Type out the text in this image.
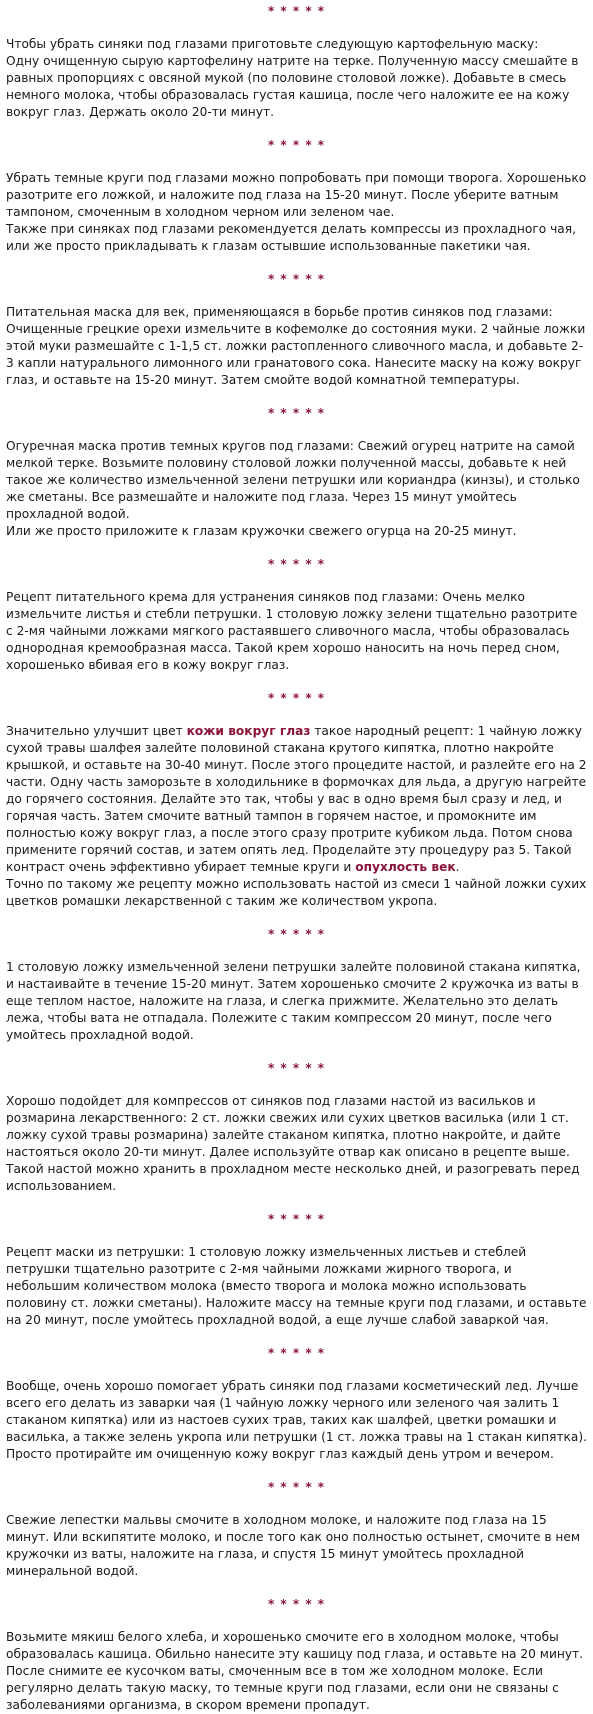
* * * * *
Чтобы убрать синяки под глазами приготовьте следующую картофельную маску:
Одну очищенную сырую картофелину натрите на терке. Полученную массу смешайте в равных пропорциях с овсяной мукой (по половине столовой ложке). Добавьте в смесь немного молока, чтобы образовалась густая кашица, после чего наложите ее на кожу вокруг глаз. Держать около 20-ти минут.
* * * * *
Убрать темные круги под глазами можно попробовать при помощи творога. Хорошенько разотрите его ложкой, и наложите под глаза на 15-20 минут. После уберите ватным тампоном, смоченным в холодном черном или зеленом чае.
Также при синяках под глазами рекомендуется делать компрессы из прохладного чая, или же просто прикладывать к глазам остывшие использованные пакетики чая.
* * * * *
Питательная маска для век, применяющаяся в борьбе против синяков под глазами:
Очищенные грецкие орехи измельчите в кофемолке до состояния муки. 2 чайные ложки этой муки размешайте с 1-1,5 ст. ложки растопленного сливочного масла, и добавьте 2-3 капли натурального лимонного или гранатового сока. Нанесите маску на кожу вокруг глаз, и оставьте на 15-20 минут. Затем смойте водой комнатной температуры.
* * * * *
Огуречная маска против темных кругов под глазами: Свежий огурец натрите на самой мелкой терке. Возьмите половину столовой ложки полученной массы, добавьте к ней такое же количество измельченной зелени петрушки или кориандра (кинзы), и столько же сметаны. Все размешайте и наложите под глаза. Через 15 минут умойтесь прохладной водой.
Или же просто приложите к глазам кружочки свежего огурца на 20-25 минут.
* * * * *
Рецепт питательного крема для устранения синяков под глазами: Очень мелко измельчите листья и стебли петрушки. 1 столовую ложку зелени тщательно разотрите с 2-мя чайными ложками мягкого растаявшего сливочного масла, чтобы образовалась однородная кремообразная масса. Такой крем хорошо наносить на ночь перед сном, хорошенько вбивая его в кожу вокруг глаз.
* * * * *
Значительно улучшит цвет кожи вокруг глаз такое народный рецепт: 1 чайную ложку сухой травы шалфея залейте половиной стакана крутого кипятка, плотно накройте крышкой, и оставьте на 30-40 минут. После этого процедите настой, и разлейте его на 2 части. Одну часть заморозьте в холодильнике в формочках для льда, а другую нагрейте до горячего состояния. Делайте это так, чтобы у вас в одно время был сразу и лед, и горячая часть. Затем смочите ватный тампон в горячем настое, и промокните им полностью кожу вокруг глаз, а после этого сразу протрите кубиком льда. Потом снова примените горячий состав, и затем опять лед. Проделайте эту процедуру раз 5. Такой контраст очень эффективно убирает темные круги и опухлость век.
Точно по такому же рецепту можно использовать настой из смеси 1 чайной ложки сухих цветков ромашки лекарственной с таким же количеством укропа.
* * * * *
1 столовую ложку измельченной зелени петрушки залейте половиной стакана кипятка, и настаивайте в течение 15-20 минут. Затем хорошенько смочите 2 кружочка из ваты в еще теплом настое, наложите на глаза, и слегка прижмите. Желательно это делать лежа, чтобы вата не отпадала. Полежите с таким компрессом 20 минут, после чего умойтесь прохладной водой.
* * * * *
Хорошо подойдет для компрессов от синяков под глазами настой из васильков и розмарина лекарственного: 2 ст. ложки свежих или сухих цветков василька (или 1 ст. ложку сухой травы розмарина) залейте стаканом кипятка, плотно накройте, и дайте настояться около 20-ти минут. Далее используйте отвар как описано в рецепте выше. Такой настой можно хранить в прохладном месте несколько дней, и разогревать перед использованием.
* * * * *
Рецепт маски из петрушки: 1 столовую ложку измельченных листьев и стеблей петрушки тщательно разотрите с 2-мя чайными ложками жирного творога, и небольшим количеством молока (вместо творога и молока можно использовать половину ст. ложки сметаны). Наложите массу на темные круги под глазами, и оставьте на 20 минут, после умойтесь прохладной водой, а еще лучше слабой заваркой чая.
* * * * *
Вообще, очень хорошо помогает убрать синяки под глазами косметический лед. Лучше всего его делать из заварки чая (1 чайную ложку черного или зеленого чая залить 1 стаканом кипятка) или из настоев сухих трав, таких как шалфей, цветки ромашки и василька, а также зелень укропа или петрушки (1 ст. ложка травы на 1 стакан кипятка). Просто протирайте им очищенную кожу вокруг глаз каждый день утром и вечером.
* * * * *
Свежие лепестки мальвы смочите в холодном молоке, и наложите под глаза на 15 минут. Или вскипятите молоко, и после того как оно полностью остынет, смочите в нем кружочки из ваты, наложите на глаза, и спустя 15 минут умойтесь прохладной минеральной водой.
* * * * *
Возьмите мякиш белого хлеба, и хорошенько смочите его в холодном молоке, чтобы образовалась кашица. Обильно нанесите эту кашицу под глаза, и оставьте на 20 минут. После снимите ее кусочком ваты, смоченным все в том же холодном молоке. Если регулярно делать такую маску, то темные круги под глазами, если они не связаны с заболеваниями организма, в скором времени пропадут.
